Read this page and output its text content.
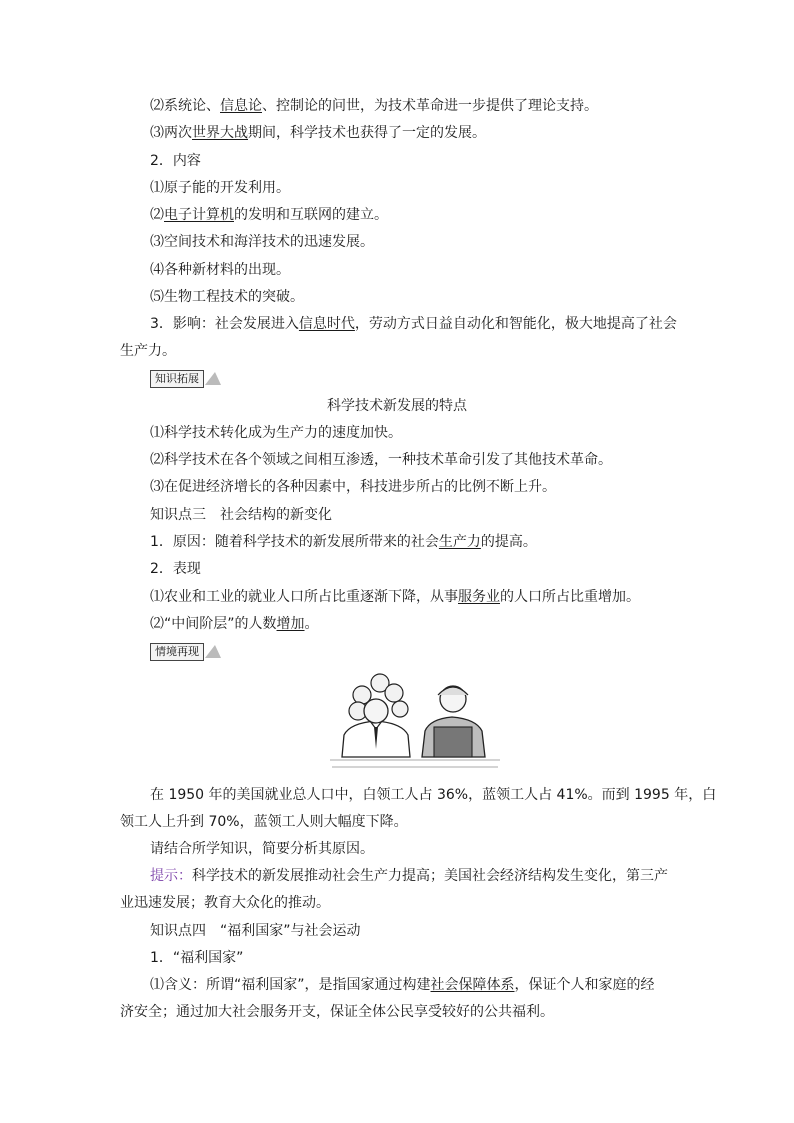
⑵系统论、信息论、控制论的问世，为技术革命进一步提供了理论支持。
⑶两次世界大战期间，科学技术也获得了一定的发展。
2．内容
⑴原子能的开发利用。
⑵电子计算机的发明和互联网的建立。
⑶空间技术和海洋技术的迅速发展。
⑷各种新材料的出现。
⑸生物工程技术的突破。
3．影响：社会发展进入信息时代，劳动方式日益自动化和智能化，极大地提高了社会
生产力。
知识拓展
科学技术新发展的特点
⑴科学技术转化成为生产力的速度加快。
⑵科学技术在各个领域之间相互渗透，一种技术革命引发了其他技术革命。
⑶在促进经济增长的各种因素中，科技进步所占的比例不断上升。
知识点三　社会结构的新变化
1．原因：随着科学技术的新发展所带来的社会生产力的提高。
2．表现
⑴农业和工业的就业人口所占比重逐渐下降，从事服务业的人口所占比重增加。
⑵“中间阶层”的人数增加。
情境再现
在 1950 年的美国就业总人口中，白领工人占 36%，蓝领工人占 41%。而到 1995 年，白
领工人上升到 70%，蓝领工人则大幅度下降。
请结合所学知识，简要分析其原因。
提示：科学技术的新发展推动社会生产力提高；美国社会经济结构发生变化，第三产
业迅速发展；教育大众化的推动。
知识点四　“福利国家”与社会运动
1．“福利国家”
⑴含义：所谓“福利国家”，是指国家通过构建社会保障体系，保证个人和家庭的经
济安全；通过加大社会服务开支，保证全体公民享受较好的公共福利。
